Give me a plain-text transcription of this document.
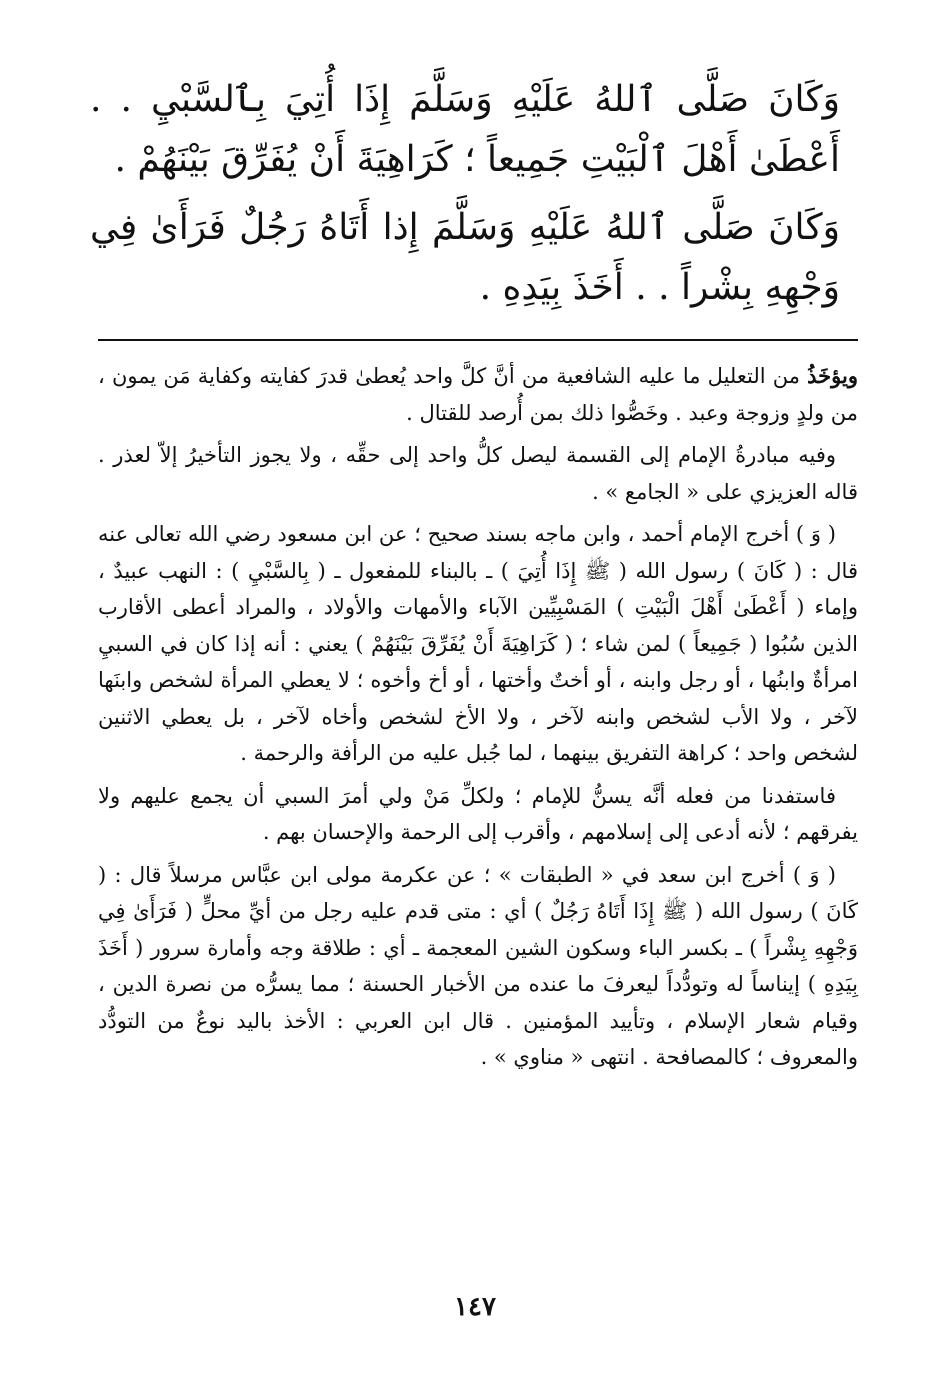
وَكَانَ صَلَّى ٱللهُ عَلَيْهِ وَسَلَّمَ إِذَا أُتِيَ بِٱلسَّبْيِ . . أَعْطَىٰ أَهْلَ ٱلْبَيْتِ جَمِيعاً ؛ كَرَاهِيَةَ أَنْ يُفَرِّقَ بَيْنَهُمْ .

وَكَانَ صَلَّى ٱللهُ عَلَيْهِ وَسَلَّمَ إِذا أَتَاهُ رَجُلٌ فَرَأَىٰ فِي وَجْهِهِ بِشْراً . . أَخَذَ بِيَدِهِ .

ويؤخَذُ من التعليل ما عليه الشافعية من أنَّ كلَّ واحد يُعطىٰ قدرَ كفايته وكفاية مَن يمون ، من ولدٍ وزوجة وعبد . وخَصُّوا ذلك بمن أُرصد للقتال .

وفيه مبادرةُ الإمام إلى القسمة ليصل كلُّ واحد إلى حقِّه ، ولا يجوز التأخيرُ إلاّ لعذر . قاله العزيزي على « الجامع » .

( وَ ) أخرج الإمام أحمد ، وابن ماجه بسند صحيح ؛ عن ابن مسعود رضي الله تعالى عنه قال : ( كَانَ ) رسول الله ( ﷺ إِذَا أُتِيَ ) ـ بالبناء للمفعول ـ ( بِالسَّبْيِ ) : النهب عبيدٌ ، وإماء ( أَعْطَىٰ أَهْلَ الْبَيْتِ ) المَسْبِيِّين الآباء والأمهات والأولاد ، والمراد أعطى الأقارب الذين سُبُوا ( جَمِيعاً ) لمن شاء ؛ ( كَرَاهِيَةَ أَنْ يُفَرِّقَ بَيْنَهُمْ ) يعني : أنه إذا كان في السبيِ امرأةٌ وابنُها ، أو رجل وابنه ، أو أختٌ وأختها ، أو أخ وأخوه ؛ لا يعطي المرأة لشخص وابنَها لآخر ، ولا الأب لشخص وابنه لآخر ، ولا الأخ لشخص وأخاه لآخر ، بل يعطي الاثنين لشخص واحد ؛ كراهة التفريق بينهما ، لما جُبل عليه من الرأفة والرحمة .

فاستفدنا من فعله أنَّه يسنُّ للإمام ؛ ولكلِّ مَنْ ولي أمرَ السبي أن يجمع عليهم ولا يفرقهم ؛ لأنه أدعى إلى إسلامهم ، وأقرب إلى الرحمة والإحسان بهم .

( وَ ) أخرج ابن سعد في « الطبقات » ؛ عن عكرمة مولى ابن عبَّاس مرسلاً قال : ( كَانَ ) رسول الله ( ﷺ إِذَا أَتَاهُ رَجُلٌ ) أي : متى قدم عليه رجل من أيِّ محلٍّ ( فَرَأَىٰ فِي وَجْهِهِ بِشْراً ) ـ بكسر الباء وسكون الشين المعجمة ـ أي : طلاقة وجه وأمارة سرور ( أَخَذَ بِيَدِهِ ) إيناساً له وتودُّداً ليعرفَ ما عنده من الأخبار الحسنة ؛ مما يسرُّه من نصرة الدين ، وقيام شعار الإسلام ، وتأييد المؤمنين . قال ابن العربي : الأخذ باليد نوعٌ من التودُّد والمعروف ؛ كالمصافحة . انتهى « مناوي » .

١٤٧
